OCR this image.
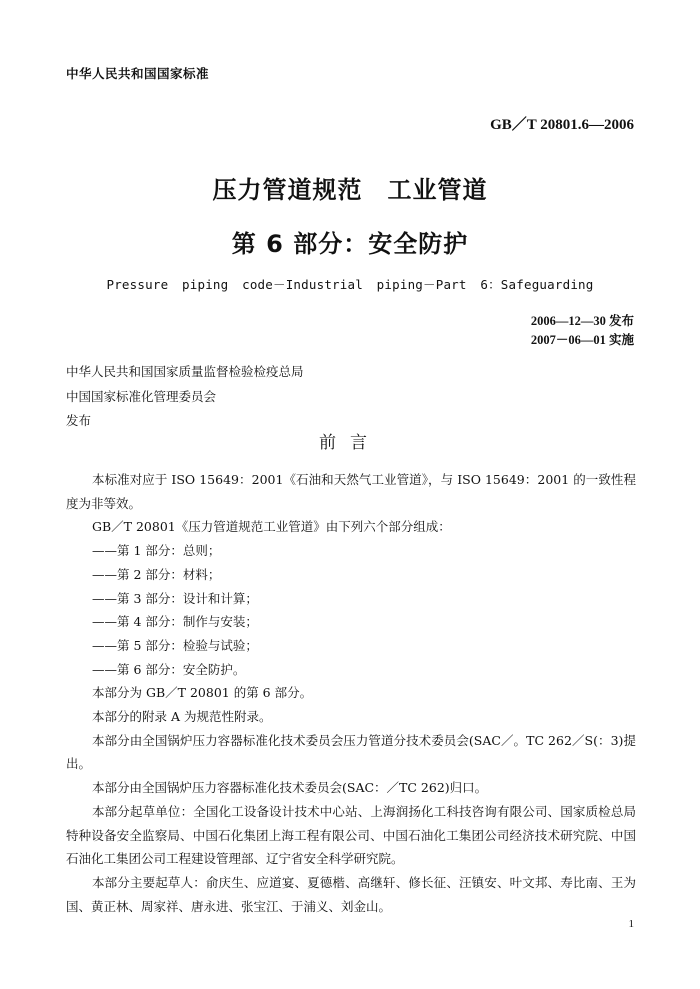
中华人民共和国国家标准
GB／T 20801.6—2006
压力管道规范　工业管道
第 6 部分：安全防护
Pressure piping code－Industrial piping－Part 6：Safeguarding
2006—12—30 发布
2007－06—01 实施
中华人民共和国国家质量监督检验检疫总局
中国国家标准化管理委员会
发布
前言

本标准对应于 ISO 15649：2001《石油和天然气工业管道》，与 ISO 15649：2001 的一致性程度为非等效。

GB／T 20801《压力管道规范工业管道》由下列六个部分组成：

——第 1 部分：总则；

——第 2 部分：材料；

——第 3 部分：设计和计算；

——第 4 部分：制作与安装；

——第 5 部分：检验与试验；

——第 6 部分：安全防护。

本部分为 GB／T 20801 的第 6 部分。

本部分的附录 A 为规范性附录。

本部分由全国锅炉压力容器标准化技术委员会压力管道分技术委员会(SAC／。TC 262／S(：3)提出。

本部分由全国锅炉压力容器标准化技术委员会(SAC：／TC 262)归口。

本部分起草单位：全国化工设备设计技术中心站、上海润扬化工科技咨询有限公司、国家质检总局特种设备安全监察局、中国石化集团上海工程有限公司、中国石油化工集团公司经济技术研究院、中国石油化工集团公司工程建设管理部、辽宁省安全科学研究院。

本部分主要起草人：俞庆生、应道宴、夏德楷、高继轩、修长征、汪镇安、叶文邦、寿比南、王为国、黄正林、周家祥、唐永进、张宝江、于浦义、刘金山。

1
